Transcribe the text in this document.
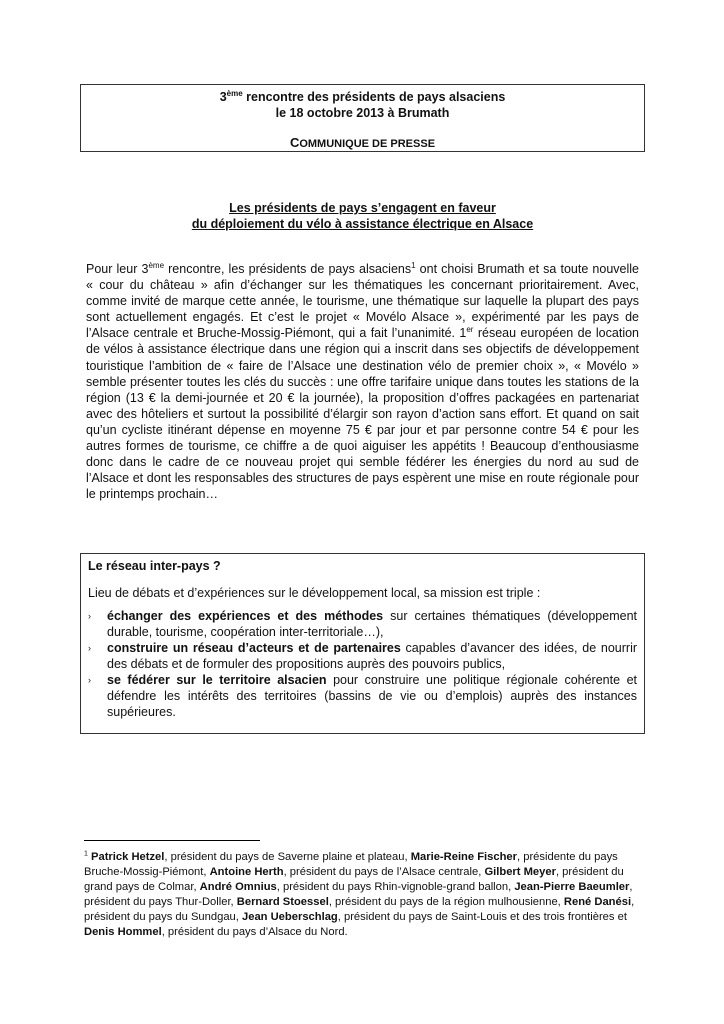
3ème rencontre des présidents de pays alsaciens
le 18 octobre 2013 à Brumath
COMMUNIQUE DE PRESSE
Les présidents de pays s’engagent en faveur
du déploiement du vélo à assistance électrique en Alsace
Pour leur 3ème rencontre, les présidents de pays alsaciens$^1$ ont choisi Brumath et sa toute nouvelle « cour du château » afin d’échanger sur les thématiques les concernant prioritairement. Avec, comme invité de marque cette année, le tourisme, une thématique sur laquelle la plupart des pays sont actuellement engagés. Et c’est le projet « Movélo Alsace », expérimenté par les pays de l’Alsace centrale et Bruche-Mossig-Piémont, qui a fait l’unanimité. 1er réseau européen de location de vélos à assistance électrique dans une région qui a inscrit dans ses objectifs de développement touristique l’ambition de « faire de l’Alsace une destination vélo de premier choix », « Movélo » semble présenter toutes les clés du succès : une offre tarifaire unique dans toutes les stations de la région (13 € la demi-journée et 20 € la journée), la proposition d’offres packagées en partenariat avec des hôteliers et surtout la possibilité d’élargir son rayon d’action sans effort. Et quand on sait qu’un cycliste itinérant dépense en moyenne 75 € par jour et par personne contre 54 € pour les autres formes de tourisme, ce chiffre a de quoi aiguiser les appétits ! Beaucoup d’enthousiasme donc dans le cadre de ce nouveau projet qui semble fédérer les énergies du nord au sud de l’Alsace et dont les responsables des structures de pays espèrent une mise en route régionale pour le printemps prochain…
Le réseau inter-pays ?
Lieu de débats et d’expériences sur le développement local, sa mission est triple :
› échanger des expériences et des méthodes sur certaines thématiques (développement durable, tourisme, coopération inter-territoriale…),
› construire un réseau d’acteurs et de partenaires capables d’avancer des idées, de nourrir des débats et de formuler des propositions auprès des pouvoirs publics,
› se fédérer sur le territoire alsacien pour construire une politique régionale cohérente et défendre les intérêts des territoires (bassins de vie ou d’emplois) auprès des instances supérieures.
$^1$ Patrick Hetzel, président du pays de Saverne plaine et plateau, Marie-Reine Fischer, présidente du pays Bruche-Mossig-Piémont, Antoine Herth, président du pays de l’Alsace centrale, Gilbert Meyer, président du grand pays de Colmar, André Omnius, président du pays Rhin-vignoble-grand ballon, Jean-Pierre Baeumler, président du pays Thur-Doller, Bernard Stoessel, président du pays de la région mulhousienne, René Danési, président du pays du Sundgau, Jean Ueberschlag, président du pays de Saint-Louis et des trois frontières et Denis Hommel, président du pays d’Alsace du Nord.
